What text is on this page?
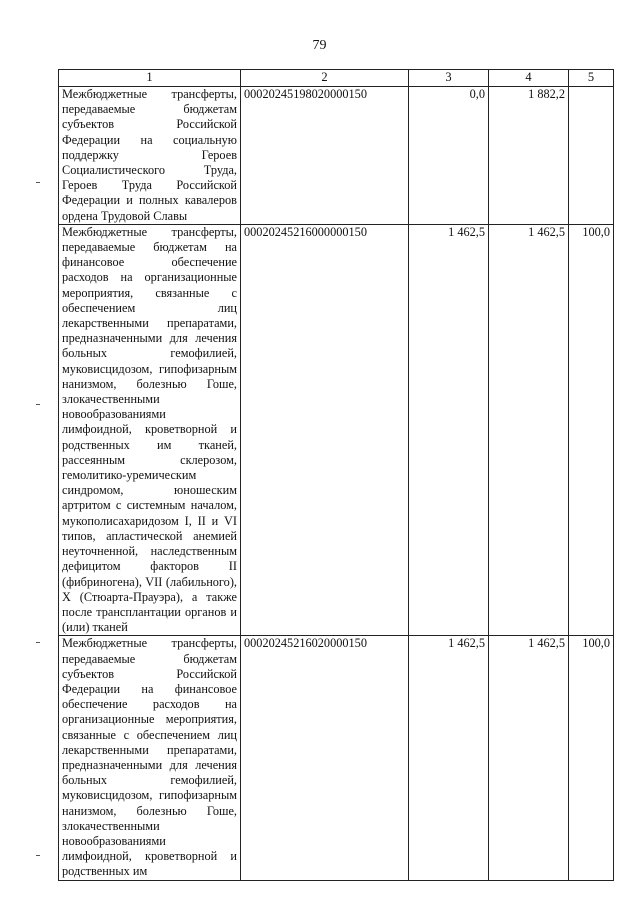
79
1	2	3	4	5
Межбюджетные трансферты, передаваемые бюджетам субъектов Российской Федерации на социальную поддержку Героев Социалистического Труда, Героев Труда Российской Федерации и полных кавалеров ордена Трудовой Славы	00020245198020000150	0,0	1 882,2	
Межбюджетные трансферты, передаваемые бюджетам на финансовое обеспечение расходов на организационные мероприятия, связанные с обеспечением лиц лекарственными препаратами, предназначенными для лечения больных гемофилией, муковисцидозом, гипофизарным нанизмом, болезнью Гоше, злокачественными новообразованиями лимфоидной, кроветворной и родственных им тканей, рассеянным склерозом, гемолитико-уремическим синдромом, юношеским артритом с системным началом, мукополисахаридозом I, II и VI типов, апластической анемией неуточненной, наследственным дефицитом факторов II (фибриногена), VII (лабильного), X (Стюарта-Прауэра), а также после трансплантации органов и (или) тканей	00020245216000000150	1 462,5	1 462,5	100,0
Межбюджетные трансферты, передаваемые бюджетам субъектов Российской Федерации на финансовое обеспечение расходов на организационные мероприятия, связанные с обеспечением лиц лекарственными препаратами, предназначенными для лечения больных гемофилией, муковисцидозом, гипофизарным нанизмом, болезнью Гоше, злокачественными новообразованиями лимфоидной, кроветворной и родственных им	00020245216020000150	1 462,5	1 462,5	100,0
